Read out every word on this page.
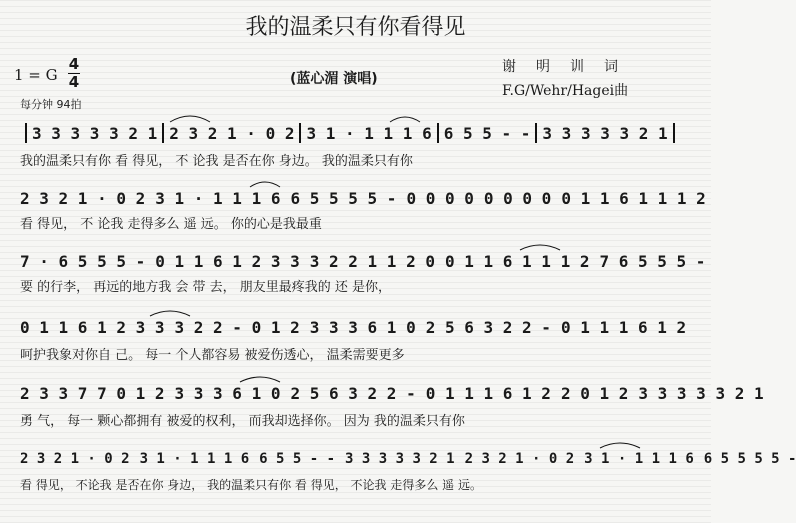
我的温柔只有你看得见
1 = G
4
4
每分钟 94拍
(蓝心湄 演唱)
谢明训词
F.G/Wehr/Hagei曲
3 3 3 3 3 2 1 2 3 2 1 · 0 2 3 1 · 1 1 1 6 6 5 5 - - 3 3 3 3 3 2 1
我的温柔只有你 看 得见， 不 论我 是否在你 身边。 我的温柔只有你
2 3 2 1 · 0 2 3 1 · 1 1 1 6 6 5 5 5 5 - 0 0 0 0 0 0 0 0 0 1 1 6 1 1 1 2
看 得见， 不 论我 走得多么 遥 远。 你的心是我最重
7 · 6 5 5 5 - 0 1 1 6 1 2 3 3 3 2 2 1 1 2 0 0 1 1 6 1 1 1 2 7 6 5 5 5 -
要 的行李， 再远的地方我 会 带 去， 朋友里最疼我的 还 是你，
0 1 1 6 1 2 3 3 3 2 2 - 0 1 2 3 3 3 6 1 0 2 5 6 3 2 2 - 0 1 1 1 6 1 2
呵护我象对你自 己。 每一 个人都容易 被爱伤透心， 温柔需要更多
2 3 3 7 7 0 1 2 3 3 3 6 1 0 2 5 6 3 2 2 - 0 1 1 1 6 1 2 2 0 1 2 3 3 3 3 3 2 1
勇 气， 每一 颗心都拥有 被爱的权利， 而我却选择你。 因为 我的温柔只有你
2 3 2 1 · 0 2 3 1 · 1 1 1 6 6 5 5 - - 3 3 3 3 3 2 1 2 3 2 1 · 0 2 3 1 · 1 1 1 6 6 5 5 5 5 -
看 得见， 不论我 是否在你 身边， 我的温柔只有你 看 得见， 不论我 走得多么 遥 远。
